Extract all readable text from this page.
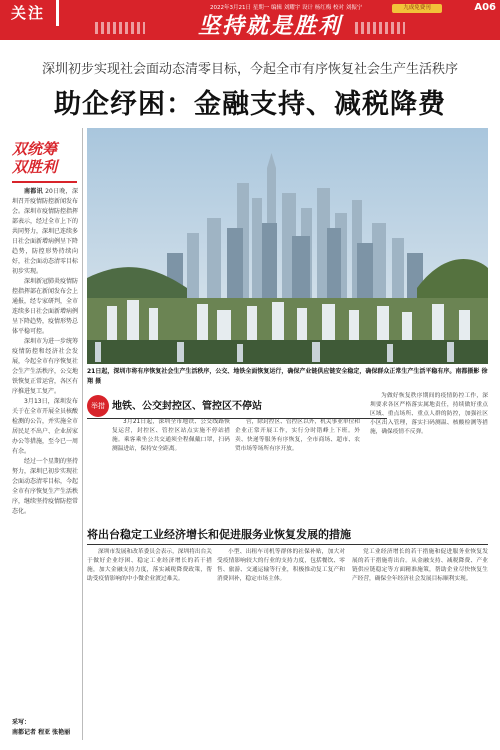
关注	2022年3月21日 星期一 编辑 刘耀宇 设计 杨红梅 校对 刘振宁	九成免费刊	A06
坚持就是胜利
深圳初步实现社会面动态清零目标，今起全市有序恢复社会生产生活秩序
助企纾困：金融支持、减税降费
双统筹 双胜利

南都讯 20日晚，深圳召开疫情防控新闻发布会。深圳市疫情防控指挥部表示，经过全市上下的共同努力，深圳已连续多日社会面新增病例呈下降趋势，防控形势持续向好，社会面动态清零目标初步实现。

深圳新冠肺炎疫情防控指挥部在新闻发布会上通报，经专家研判，全市连续多日社会面新增病例呈下降趋势，疫情形势总体平稳可控。

深圳市为进一步统筹疫情防控和经济社会发展，今起全市有序恢复社会生产生活秩序，公交地铁恢复正常运营，各区有序推进复工复产。

3月13日，深圳发布关于在全市开展全员核酸检测的公告，并实施全市居民足不出户、企业居家办公等措施，至今已一周有余。

经过一个星期的坚持努力，深圳已初步实现社会面动态清零目标，今起全市有序恢复生产生活秩序，继续坚持疫情防控常态化。

采写：
南都记者 程亚 张艳丽
21日起，深圳市将有序恢复社会生产生活秩序，公交、地铁全面恢复运行，确保产业链供应链安全稳定，确保群众正常生产生活平稳有序。南都摄影 徐翔 摄
举措 地铁、公交封控区、管控区不停站

3月21日起，深圳全市地铁、公交线路恢复运营，封控区、管控区站点实施不停站措施。乘客乘坐公共交通须全程佩戴口罩，扫码测温进站，保持安全距离。

营，除封控区、管控区以外，机关事业单位和企业正常开展工作，实行分时错峰上下班。外卖、快递等服务有序恢复，全市商场、超市、农贸市场等场所有序开放。

为做好恢复秩序期间的疫情防控工作，深圳要求各区严格落实属地责任，持续做好重点区域、重点场所、重点人群的防控，加强社区小区出入管理，落实扫码测温、核酸检测等措施，确保疫情不反弹。

将出台稳定工业经济增长和促进服务业恢复发展的措施

深圳市发展和改革委员会表示，深圳将出台关于做好企业纾困、稳定工业经济增长的若干措施，加大金融支持力度，落实减税降费政策，帮助受疫情影响的中小微企业渡过难关。

小型、出租车司机等群体的社保补贴，加大对受疫情影响较大的行业的支持力度，包括餐饮、零售、旅游、交通运输等行业，积极推动复工复产和消费回补，稳定市场主体。

党工业经济增长的若干措施和促进服务业恢复发展的若干措施将出台。从金融支持、减税降费、产业链供应链稳定等方面精准施策，帮助企业尽快恢复生产经营，确保全年经济社会发展目标顺利实现。
